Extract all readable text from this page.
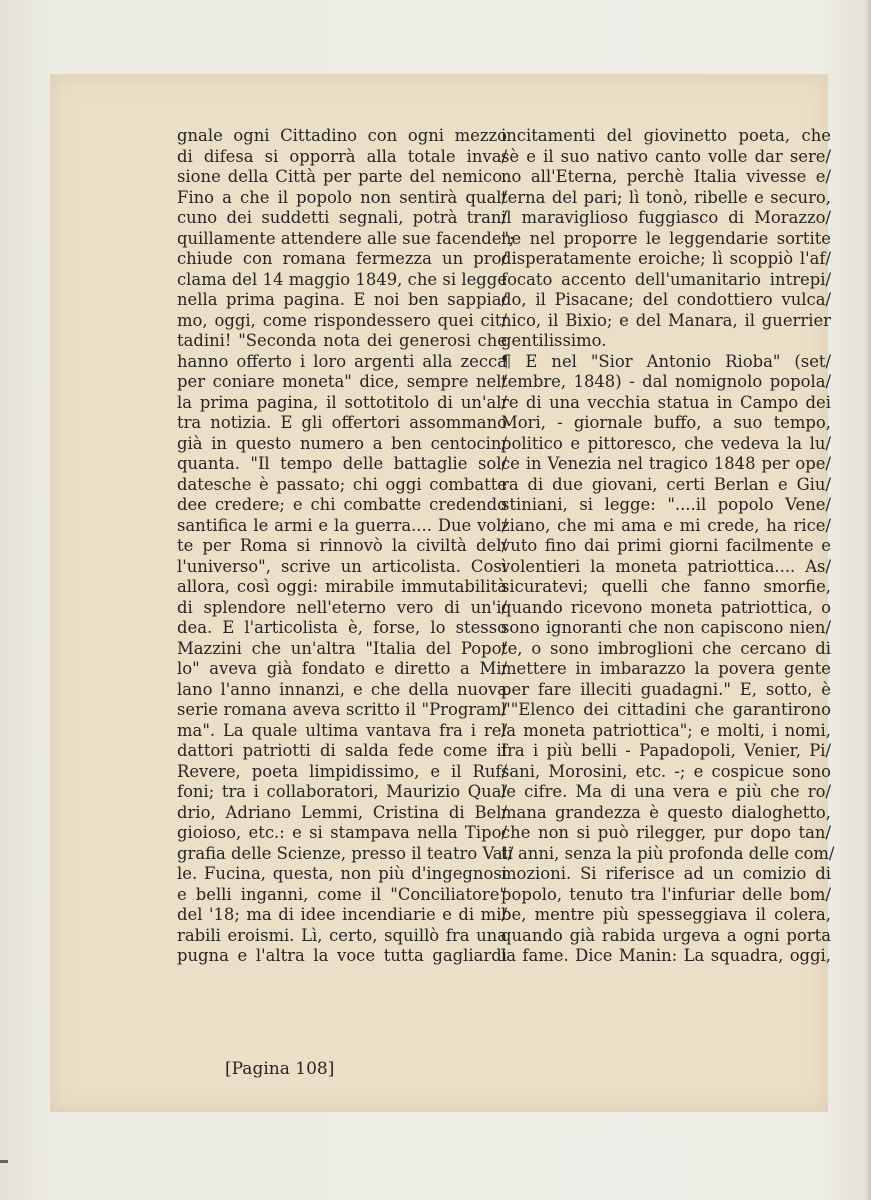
gnale ogni Cittadino con ogni mezzo
di difesa si opporrà alla totale inva/
sione della Città per parte del nemico.
Fino a che il popolo non sentirà qual/
cuno dei suddetti segnali, potrà tran/
quillamente attendere alle sue facende";
chiude con romana fermezza un pro/
clama del 14 maggio 1849, che si legge
nella prima pagina. E noi ben sappia/
mo, oggi, come rispondessero quei cit/
tadini! "Seconda nota dei generosi che
hanno offerto i loro argenti alla zecca
per coniare moneta" dice, sempre nel/
la prima pagina, il sottotitolo di un'al/
tra notizia. E gli offertori assommano
già in questo numero a ben centocin/
quanta. "Il tempo delle battaglie sol/
datesche è passato; chi oggi combatte
dee credere; e chi combatte credendo
santifica le armi e la guerra.... Due vol/
te per Roma si rinnovò la civiltà del/
l'universo", scrive un articolista. Così
allora, così oggi: mirabile immutabilità
di splendore nell'eterno vero di un'i/
dea. E l'articolista è, forse, lo stesso
Mazzini che un'altra "Italia del Popo/
lo" aveva già fondato e diretto a Mi/
lano l'anno innanzi, e che della nuova
serie romana aveva scritto il "Program/
ma". La quale ultima vantava fra i re/
dattori patriotti di salda fede come il
Revere, poeta limpidissimo, e il Ruf/
foni; tra i collaboratori, Maurizio Qua/
drio, Adriano Lemmi, Cristina di Bel/
gioioso, etc.: e si stampava nella Tipo/
grafia delle Scienze, presso il teatro Val/
le. Fucina, questa, non più d'ingegnosi
e belli inganni, come il "Conciliatore"
del '18; ma di idee incendiarie e di mi/
rabili eroismi. Lì, certo, squillò fra una
pugna e l'altra la voce tutta gagliardi
incitamenti del giovinetto poeta, che
sè e il suo nativo canto volle dar sere/
no all'Eterna, perchè Italia vivesse e/
terna del pari; lì tonò, ribelle e securo,
il maraviglioso fuggiasco di Morazzo/
ne nel proporre le leggendarie sortite
disperatamente eroiche; lì scoppiò l'af/
focato accento dell'umanitario intrepi/
do, il Pisacane; del condottiero vulca/
nico, il Bixio; e del Manara, il guerrier
gentilissimo.
¶ E nel "Sior Antonio Rioba" (set/
tembre, 1848) - dal nomignolo popola/
re di una vecchia statua in Campo dei
Mori, - giornale buffo, a suo tempo,
politico e pittoresco, che vedeva la lu/
ce in Venezia nel tragico 1848 per ope/
ra di due giovani, certi Berlan e Giu/
stiniani, si legge: "....il popolo Vene/
ziano, che mi ama e mi crede, ha rice/
vuto fino dai primi giorni facilmente e
volentieri la moneta patriottica.... As/
sicuratevi; quelli che fanno smorfie,
quando ricevono moneta patriottica, o
sono ignoranti che non capiscono nien/
te, o sono imbroglioni che cercano di
mettere in imbarazzo la povera gente
per fare illeciti guadagni." E, sotto, è
l'"Elenco dei cittadini che garantirono
la moneta patriottica"; e molti, i nomi,
fra i più belli - Papadopoli, Venier, Pi/
sani, Morosini, etc. -; e cospicue sono
le cifre. Ma di una vera e più che ro/
mana grandezza è questo dialoghetto,
che non si può rilegger, pur dopo tan/
ti anni, senza la più profonda delle com/
mozioni. Si riferisce ad un comizio di
popolo, tenuto tra l'infuriar delle bom/
be, mentre più spesseggiava il colera,
quando già rabida urgeva a ogni porta
la fame. Dice Manin: La squadra, oggi,

[Pagina 108]
